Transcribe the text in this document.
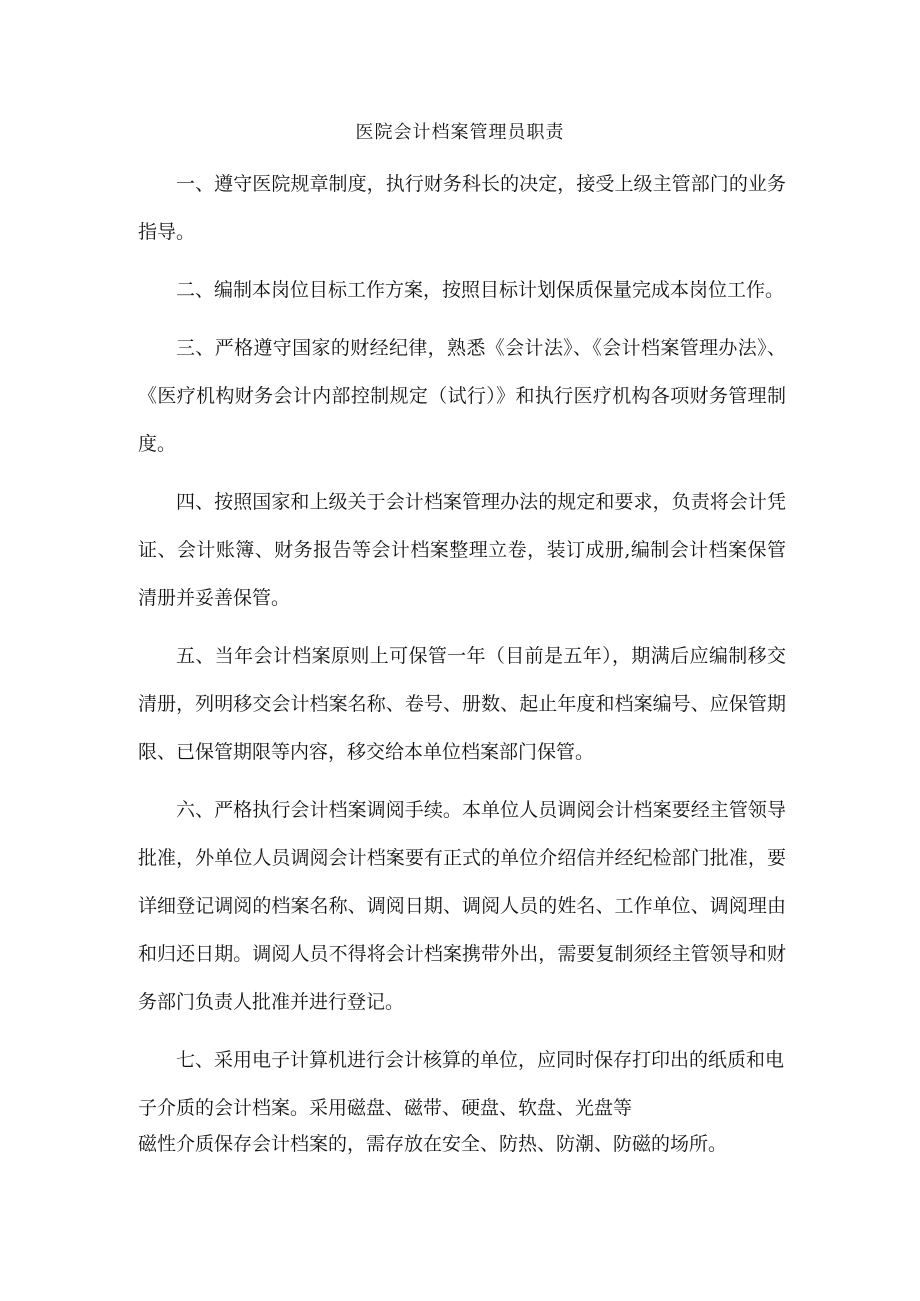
医院会计档案管理员职责

一、遵守医院规章制度，执行财务科长的决定，接受上级主管部门的业务指导。

二、编制本岗位目标工作方案，按照目标计划保质保量完成本岗位工作。

三、严格遵守国家的财经纪律，熟悉《会计法》、《会计档案管理办法》、《医疗机构财务会计内部控制规定（试行）》和执行医疗机构各项财务管理制度。

四、按照国家和上级关于会计档案管理办法的规定和要求，负责将会计凭证、会计账簿、财务报告等会计档案整理立卷，装订成册,编制会计档案保管清册并妥善保管。

五、当年会计档案原则上可保管一年（目前是五年），期满后应编制移交清册，列明移交会计档案名称、卷号、册数、起止年度和档案编号、应保管期限、已保管期限等内容，移交给本单位档案部门保管。

六、严格执行会计档案调阅手续。本单位人员调阅会计档案要经主管领导批准，外单位人员调阅会计档案要有正式的单位介绍信并经纪检部门批准，要详细登记调阅的档案名称、调阅日期、调阅人员的姓名、工作单位、调阅理由和归还日期。调阅人员不得将会计档案携带外出，需要复制须经主管领导和财务部门负责人批准并进行登记。

七、采用电子计算机进行会计核算的单位，应同时保存打印出的纸质和电子介质的会计档案。采用磁盘、磁带、硬盘、软盘、光盘等

磁性介质保存会计档案的，需存放在安全、防热、防潮、防磁的场所。
